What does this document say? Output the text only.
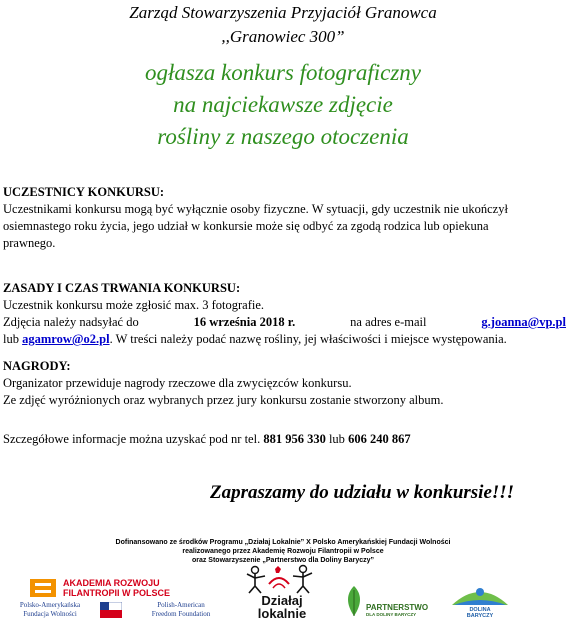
Zarząd Stowarzyszenia Przyjaciół Granowca
,,Granowiec 300”
ogłasza konkurs fotograficzny
na najciekawsze zdjęcie
rośliny z naszego otoczenia
UCZESTNICY KONKURSU:
Uczestnikami konkursu mogą być wyłącznie osoby fizyczne. W sytuacji, gdy uczestnik nie ukończył
osiemnastego roku życia, jego udział w konkursie może się odbyć za zgodą rodzica lub opiekuna
prawnego.
ZASADY I CZAS TRWANIA KONKURSU:
Uczestnik konkursu może zgłosić max. 3 fotografie.
Zdjęcia należy nadsyłać do	16 września 2018 r.	na adres e-mail	g.joanna@vp.pl
lub agamrow@o2.pl. W treści należy podać nazwę rośliny, jej właściwości i miejsce występowania.
NAGRODY:
Organizator przewiduje nagrody rzeczowe dla zwycięzców konkursu.
Ze zdjęć wyróżnionych oraz wybranych przez jury konkursu zostanie stworzony album.
Szczegółowe informacje można uzyskać pod nr tel. 881 956 330 lub 606 240 867
Zapraszamy do udziału w konkursie!!!
Dofinansowano ze środków Programu „Działaj Lokalnie” X Polsko Amerykańskiej Fundacji Wolności
realizowanego przez Akademię Rozwoju Filantropii w Polsce
oraz Stowarzyszenie „Partnerstwo dla Doliny Baryczy”
AKADEMIA ROZWOJU
FILANTROPII W POLSCE
Polsko-Amerykańska
Fundacja Wolności
Polish-American
Freedom Foundation
Działaj
lokalnie	PARTNERSTWO
DLA DOLINY BARYCZY
DOLINA
BARYCZY
